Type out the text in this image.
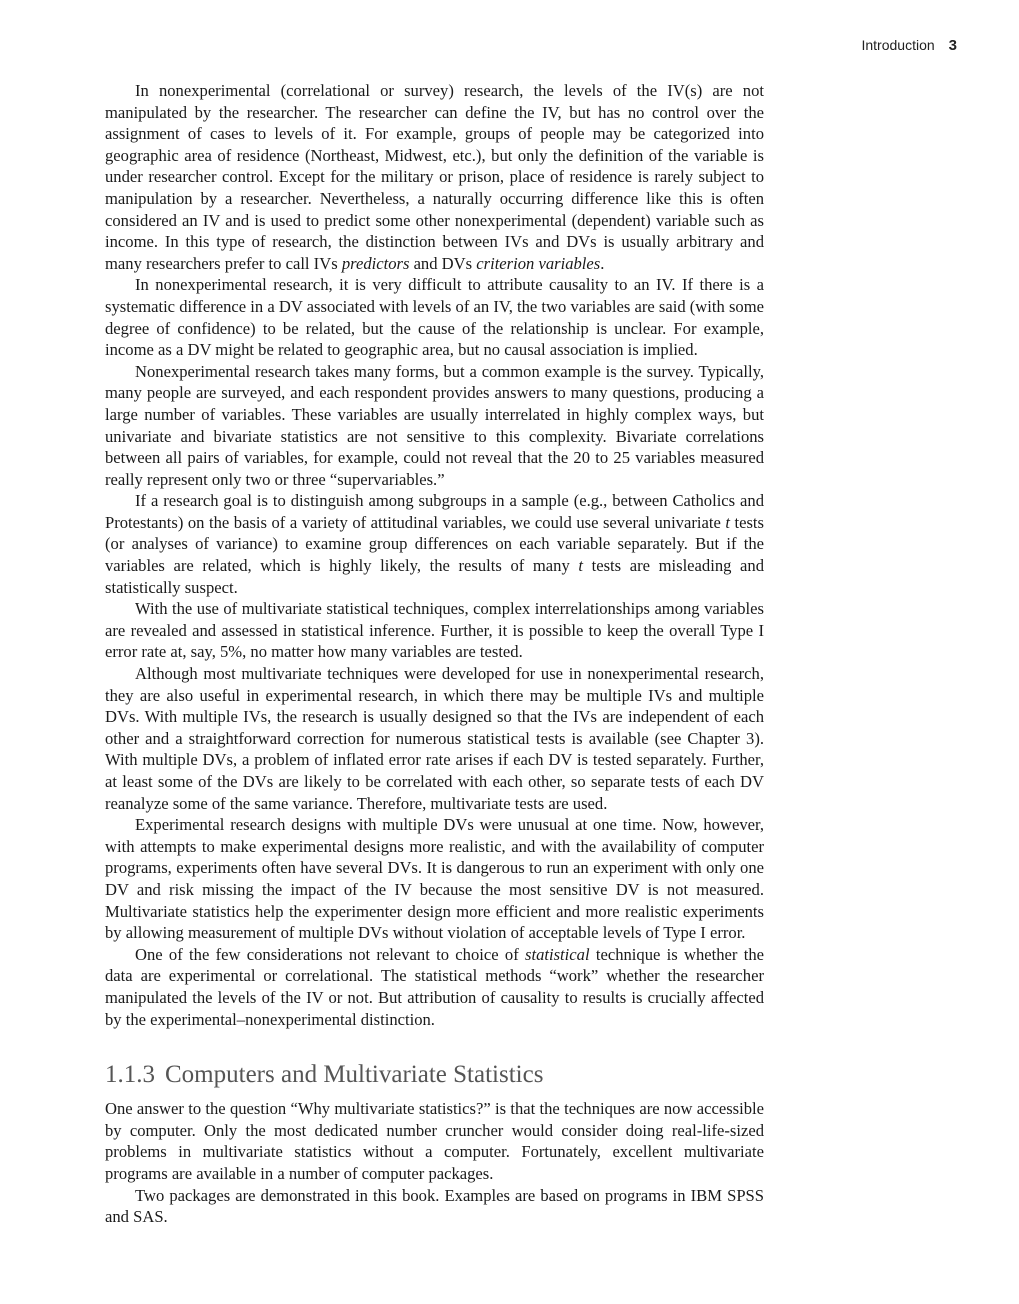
Introduction 3

In nonexperimental (correlational or survey) research, the levels of the IV(s) are not manipulated by the researcher. The researcher can define the IV, but has no control over the assignment of cases to levels of it. For example, groups of people may be categorized into geographic area of residence (Northeast, Midwest, etc.), but only the definition of the variable is under researcher control. Except for the military or prison, place of residence is rarely subject to manipulation by a researcher. Nevertheless, a naturally occurring difference like this is often considered an IV and is used to predict some other nonexperimental (dependent) variable such as income. In this type of research, the distinction between IVs and DVs is usually arbitrary and many researchers prefer to call IVs predictors and DVs criterion variables.

In nonexperimental research, it is very difficult to attribute causality to an IV. If there is a systematic difference in a DV associated with levels of an IV, the two variables are said (with some degree of confidence) to be related, but the cause of the relationship is unclear. For example, income as a DV might be related to geographic area, but no causal association is implied.

Nonexperimental research takes many forms, but a common example is the survey. Typically, many people are surveyed, and each respondent provides answers to many questions, producing a large number of variables. These variables are usually interrelated in highly complex ways, but univariate and bivariate statistics are not sensitive to this complexity. Bivariate correlations between all pairs of variables, for example, could not reveal that the 20 to 25 variables measured really represent only two or three “supervariables.”

If a research goal is to distinguish among subgroups in a sample (e.g., between Catholics and Protestants) on the basis of a variety of attitudinal variables, we could use several univariate t tests (or analyses of variance) to examine group differences on each variable separately. But if the variables are related, which is highly likely, the results of many t tests are misleading and statistically suspect.

With the use of multivariate statistical techniques, complex interrelationships among variables are revealed and assessed in statistical inference. Further, it is possible to keep the overall Type I error rate at, say, 5%, no matter how many variables are tested.

Although most multivariate techniques were developed for use in nonexperimental research, they are also useful in experimental research, in which there may be multiple IVs and multiple DVs. With multiple IVs, the research is usually designed so that the IVs are independent of each other and a straightforward correction for numerous statistical tests is available (see Chapter 3). With multiple DVs, a problem of inflated error rate arises if each DV is tested separately. Further, at least some of the DVs are likely to be correlated with each other, so separate tests of each DV reanalyze some of the same variance. Therefore, multivariate tests are used.

Experimental research designs with multiple DVs were unusual at one time. Now, however, with attempts to make experimental designs more realistic, and with the availability of computer programs, experiments often have several DVs. It is dangerous to run an experiment with only one DV and risk missing the impact of the IV because the most sensitive DV is not measured. Multivariate statistics help the experimenter design more efficient and more realistic experiments by allowing measurement of multiple DVs without violation of acceptable levels of Type I error.

One of the few considerations not relevant to choice of statistical technique is whether the data are experimental or correlational. The statistical methods “work” whether the researcher manipulated the levels of the IV or not. But attribution of causality to results is crucially affected by the experimental–nonexperimental distinction.

1.1.3 Computers and Multivariate Statistics

One answer to the question “Why multivariate statistics?” is that the techniques are now accessible by computer. Only the most dedicated number cruncher would consider doing real-life-sized problems in multivariate statistics without a computer. Fortunately, excellent multivariate programs are available in a number of computer packages.

Two packages are demonstrated in this book. Examples are based on programs in IBM SPSS and SAS.
